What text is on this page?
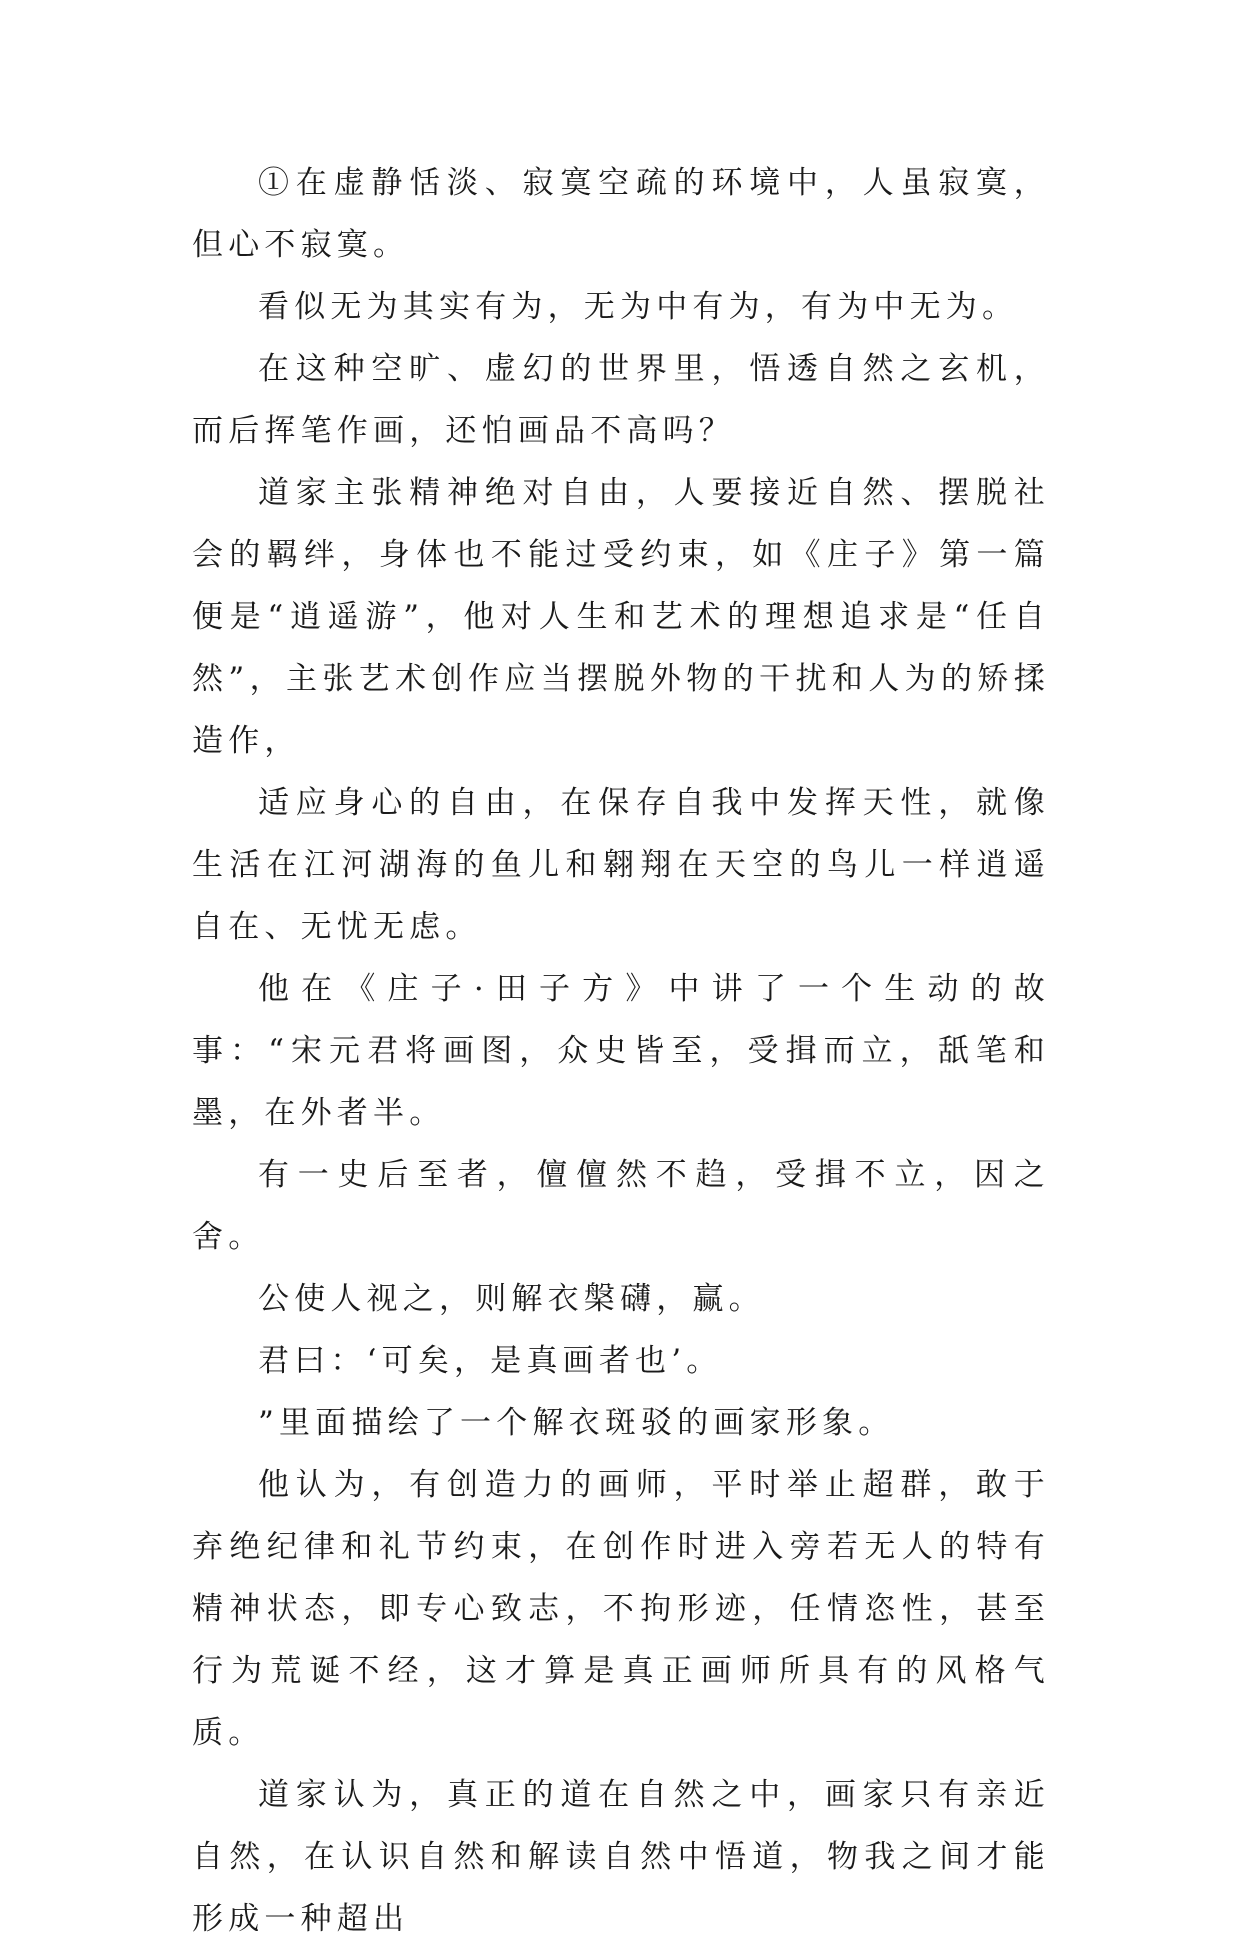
①在虚静恬淡、寂寞空疏的环境中，人虽寂寞，但心不寂寞。

看似无为其实有为，无为中有为，有为中无为。

在这种空旷、虚幻的世界里，悟透自然之玄机，而后挥笔作画，还怕画品不高吗？

道家主张精神绝对自由，人要接近自然、摆脱社会的羁绊，身体也不能过受约束，如《庄子》第一篇便是“逍遥游”，他对人生和艺术的理想追求是“任自然”，主张艺术创作应当摆脱外物的干扰和人为的矫揉造作，

适应身心的自由，在保存自我中发挥天性，就像生活在江河湖海的鱼儿和翱翔在天空的鸟儿一样逍遥自在、无忧无虑。

他在《庄子·田子方》中讲了一个生动的故事：“宋元君将画图，众史皆至，受揖而立，舐笔和墨，在外者半。

有一史后至者，儃儃然不趋，受揖不立，因之舍。

公使人视之，则解衣槃礴，赢。

君曰：‘可矣，是真画者也’。

”里面描绘了一个解衣斑驳的画家形象。

他认为，有创造力的画师，平时举止超群，敢于弃绝纪律和礼节约束，在创作时进入旁若无人的特有精神状态，即专心致志，不拘形迹，任情恣性，甚至行为荒诞不经，这才算是真正画师所具有的风格气质。

道家认为，真正的道在自然之中，画家只有亲近自然，在认识自然和解读自然中悟道，物我之间才能形成一种超出
